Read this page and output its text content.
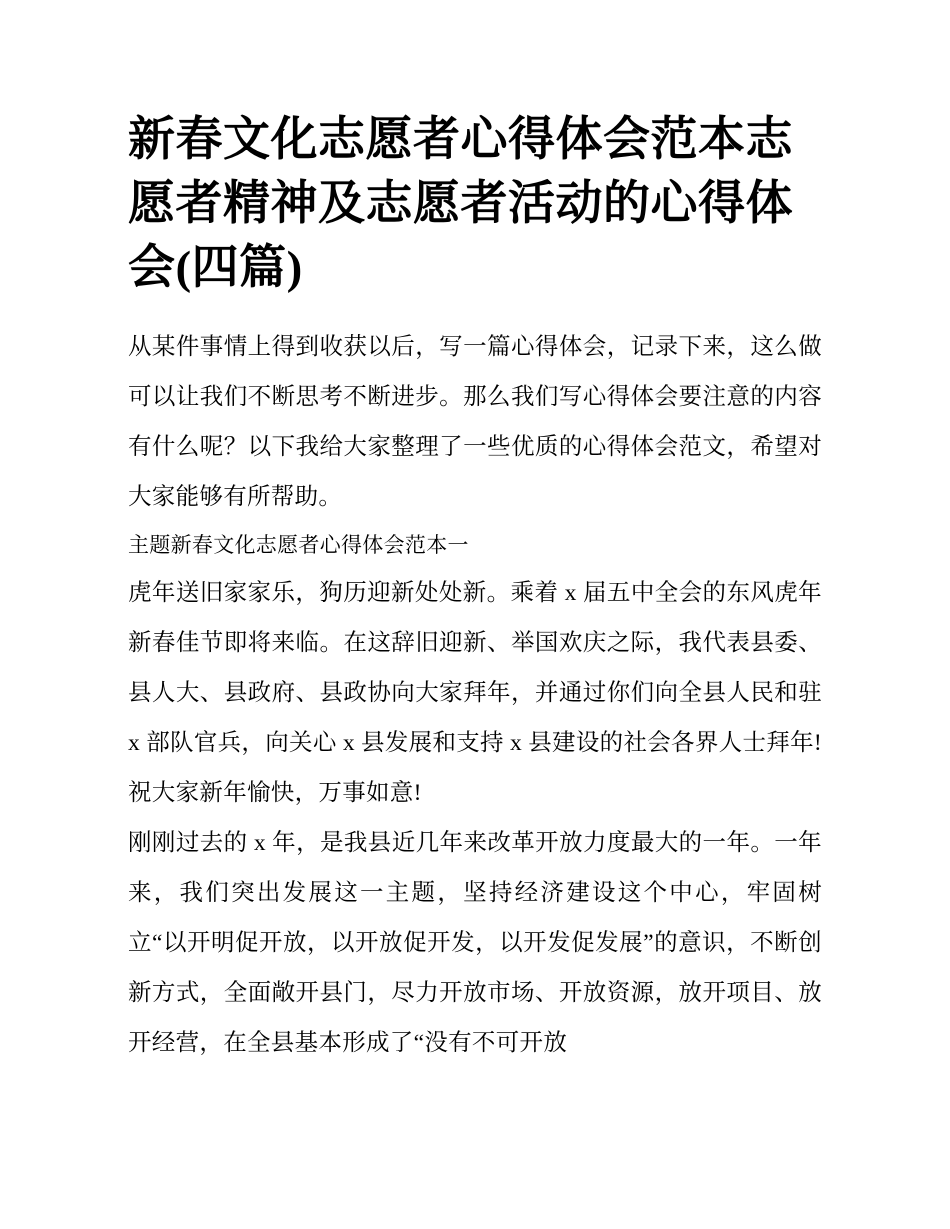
新春文化志愿者心得体会范本志愿者精神及志愿者活动的心得体会(四篇)

从某件事情上得到收获以后，写一篇心得体会，记录下来，这么做可以让我们不断思考不断进步。那么我们写心得体会要注意的内容有什么呢？以下我给大家整理了一些优质的心得体会范文，希望对大家能够有所帮助。

主题新春文化志愿者心得体会范本一

虎年送旧家家乐，狗历迎新处处新。乘着 x 届五中全会的东风虎年新春佳节即将来临。在这辞旧迎新、举国欢庆之际，我代表县委、县人大、县政府、县政协向大家拜年，并通过你们向全县人民和驻 x 部队官兵，向关心 x 县发展和支持 x 县建设的社会各界人士拜年!祝大家新年愉快，万事如意!

刚刚过去的 x 年，是我县近几年来改革开放力度最大的一年。一年来，我们突出发展这一主题，坚持经济建设这个中心，牢固树立“以开明促开放，以开放促开发，以开发促发展”的意识，不断创新方式，全面敞开县门，尽力开放市场、开放资源，放开项目、放开经营，在全县基本形成了“没有不可开放
